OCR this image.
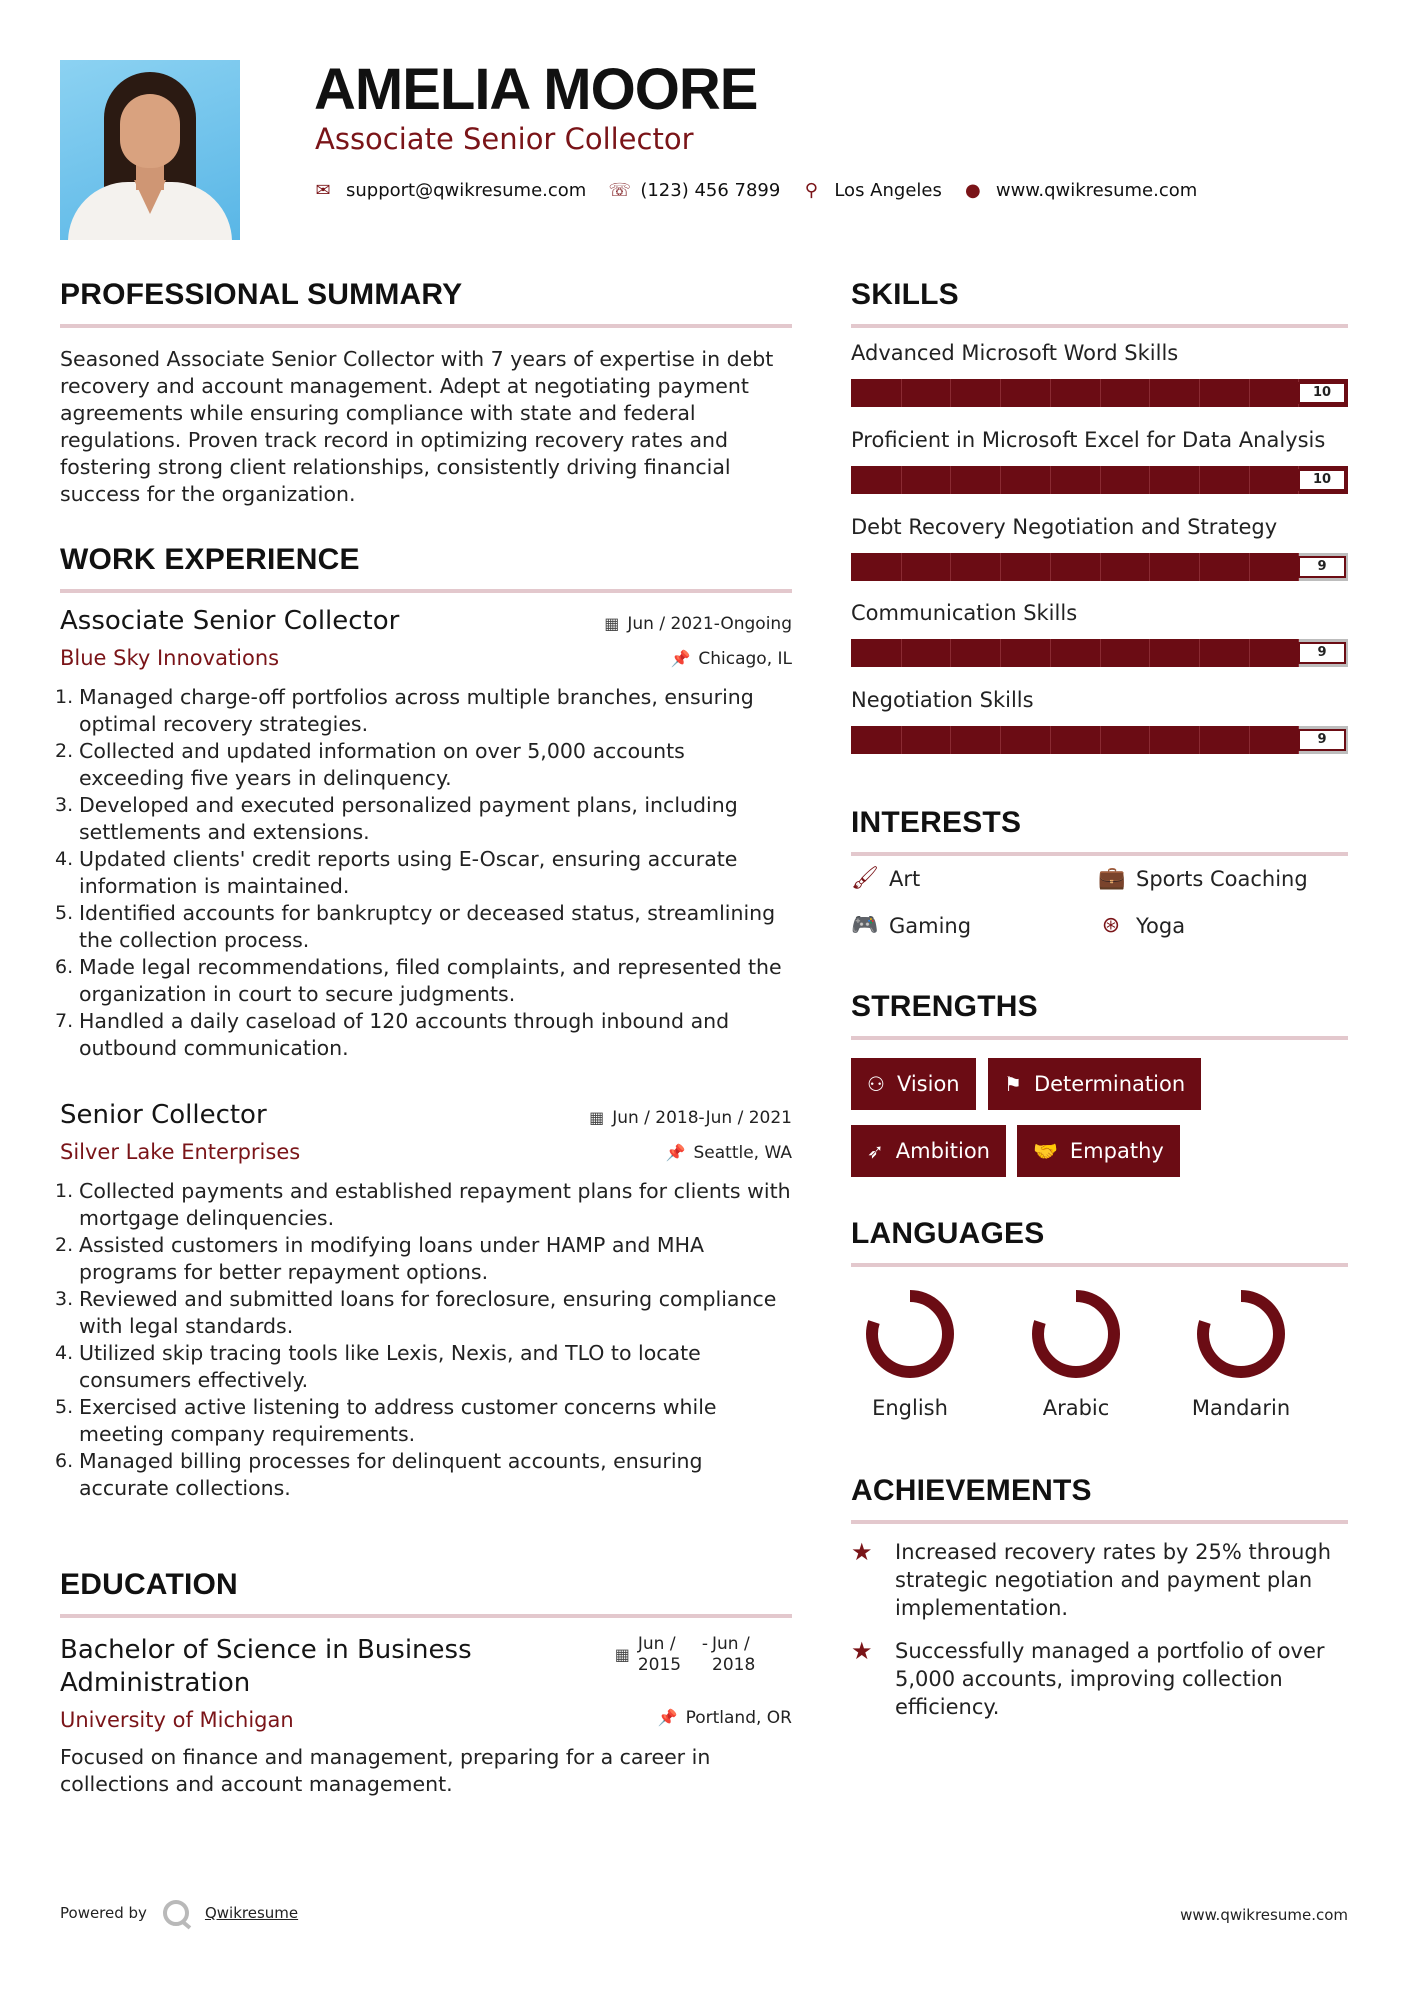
AMELIA MOORE
Associate Senior Collector
✉ support@qwikresume.com ☏ (123) 456 7899 ⚲ Los Angeles ● www.qwikresume.com
PROFESSIONAL SUMMARY
Seasoned Associate Senior Collector with 7 years of expertise in debt recovery and account management. Adept at negotiating payment agreements while ensuring compliance with state and federal regulations. Proven track record in optimizing recovery rates and fostering strong client relationships, consistently driving financial success for the organization.
WORK EXPERIENCE
Associate Senior Collector	▦ Jun / 2021-Ongoing
Blue Sky Innovations	📌 Chicago, IL
1. Managed charge-off portfolios across multiple branches, ensuring optimal recovery strategies.
2. Collected and updated information on over 5,000 accounts exceeding five years in delinquency.
3. Developed and executed personalized payment plans, including settlements and extensions.
4. Updated clients' credit reports using E-Oscar, ensuring accurate information is maintained.
5. Identified accounts for bankruptcy or deceased status, streamlining the collection process.
6. Made legal recommendations, filed complaints, and represented the organization in court to secure judgments.
7. Handled a daily caseload of 120 accounts through inbound and outbound communication.
Senior Collector	▦ Jun / 2018-Jun / 2021
Silver Lake Enterprises	📌 Seattle, WA
1. Collected payments and established repayment plans for clients with mortgage delinquencies.
2. Assisted customers in modifying loans under HAMP and MHA programs for better repayment options.
3. Reviewed and submitted loans for foreclosure, ensuring compliance with legal standards.
4. Utilized skip tracing tools like Lexis, Nexis, and TLO to locate consumers effectively.
5. Exercised active listening to address customer concerns while meeting company requirements.
6. Managed billing processes for delinquent accounts, ensuring accurate collections.
EDUCATION
Bachelor of Science in Business Administration
▦
Jun / 2015
- Jun / 2018
University of Michigan	📌 Portland, OR
Focused on finance and management, preparing for a career in collections and account management.
SKILLS
Advanced Microsoft Word Skills
10
Proficient in Microsoft Excel for Data Analysis
10
Debt Recovery Negotiation and Strategy
9
Communication Skills
9
Negotiation Skills
9
INTERESTS
🖌 Art	💼 Sports Coaching
🎮 Gaming	⊛ Yoga
STRENGTHS
⚇ Vision ⚑ Determination
➶ Ambition 🤝 Empathy
LANGUAGES
English	Arabic	Mandarin
ACHIEVEMENTS
★	Increased recovery rates by 25% through strategic negotiation and payment plan implementation.
★	Successfully managed a portfolio of over 5,000 accounts, improving collection efficiency.
Powered by	Qwikresume	www.qwikresume.com
